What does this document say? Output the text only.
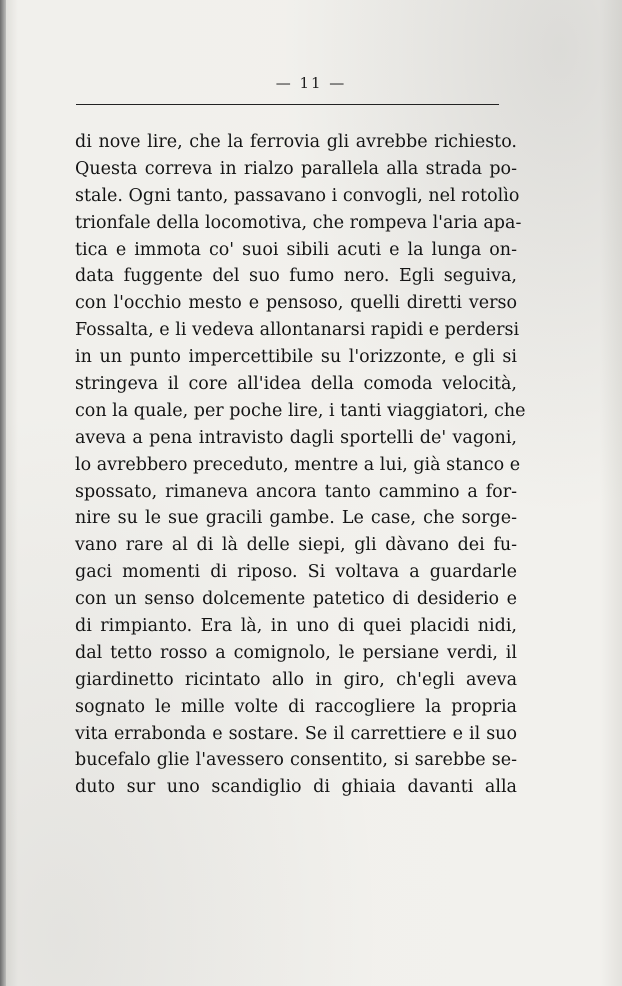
— 11 —
di nove lire, che la ferrovia gli avrebbe richiesto.
Questa correva in rialzo parallela alla strada po-
stale. Ogni tanto, passavano i convogli, nel rotolìo
trionfale della locomotiva, che rompeva l'aria apa-
tica e immota co' suoi sibili acuti e la lunga on-
data fuggente del suo fumo nero. Egli seguiva,
con l'occhio mesto e pensoso, quelli diretti verso
Fossalta, e li vedeva allontanarsi rapidi e perdersi
in un punto impercettibile su l'orizzonte, e gli si
stringeva il core all'idea della comoda velocità,
con la quale, per poche lire, i tanti viaggiatori, che
aveva a pena intravisto dagli sportelli de' vagoni,
lo avrebbero preceduto, mentre a lui, già stanco e
spossato, rimaneva ancora tanto cammino a for-
nire su le sue gracili gambe. Le case, che sorge-
vano rare al di là delle siepi, gli dàvano dei fu-
gaci momenti di riposo. Si voltava a guardarle
con un senso dolcemente patetico di desiderio e
di rimpianto. Era là, in uno di quei placidi nidi,
dal tetto rosso a comignolo, le persiane verdi, il
giardinetto ricintato allo in giro, ch'egli aveva
sognato le mille volte di raccogliere la propria
vita errabonda e sostare. Se il carrettiere e il suo
bucefalo glie l'avessero consentito, si sarebbe se-
duto sur uno scandiglio di ghiaia davanti alla
